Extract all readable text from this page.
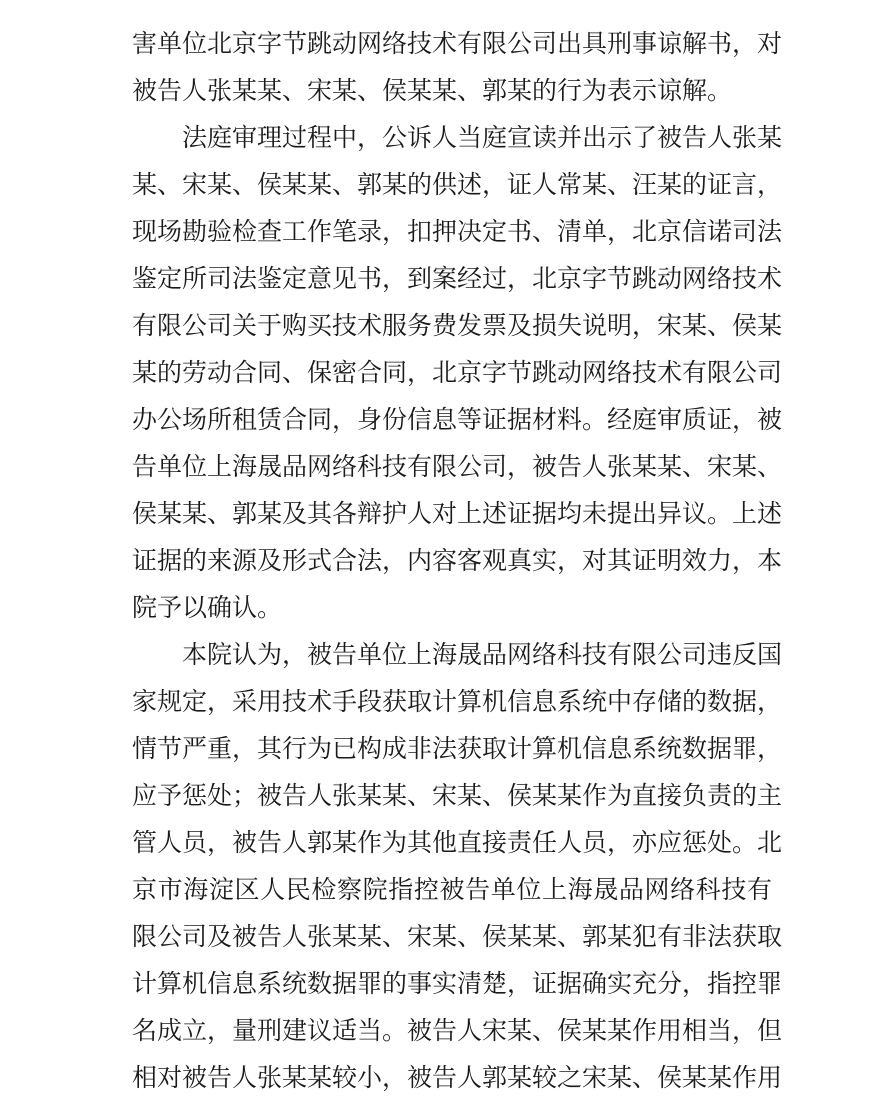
害单位北京字节跳动网络技术有限公司出具刑事谅解书，对
被告人张某某、宋某、侯某某、郭某的行为表示谅解。
法庭审理过程中，公诉人当庭宣读并出示了被告人张某
某、宋某、侯某某、郭某的供述，证人常某、汪某的证言，
现场勘验检查工作笔录，扣押决定书、清单，北京信诺司法
鉴定所司法鉴定意见书，到案经过，北京字节跳动网络技术
有限公司关于购买技术服务费发票及损失说明，宋某、侯某
某的劳动合同、保密合同，北京字节跳动网络技术有限公司
办公场所租赁合同，身份信息等证据材料。经庭审质证，被
告单位上海晟品网络科技有限公司，被告人张某某、宋某、
侯某某、郭某及其各辩护人对上述证据均未提出异议。上述
证据的来源及形式合法，内容客观真实，对其证明效力，本
院予以确认。
本院认为，被告单位上海晟品网络科技有限公司违反国
家规定，采用技术手段获取计算机信息系统中存储的数据，
情节严重，其行为已构成非法获取计算机信息系统数据罪，
应予惩处；被告人张某某、宋某、侯某某作为直接负责的主
管人员，被告人郭某作为其他直接责任人员，亦应惩处。北
京市海淀区人民检察院指控被告单位上海晟品网络科技有
限公司及被告人张某某、宋某、侯某某、郭某犯有非法获取
计算机信息系统数据罪的事实清楚，证据确实充分，指控罪
名成立，量刑建议适当。被告人宋某、侯某某作用相当，但
相对被告人张某某较小，被告人郭某较之宋某、侯某某作用
